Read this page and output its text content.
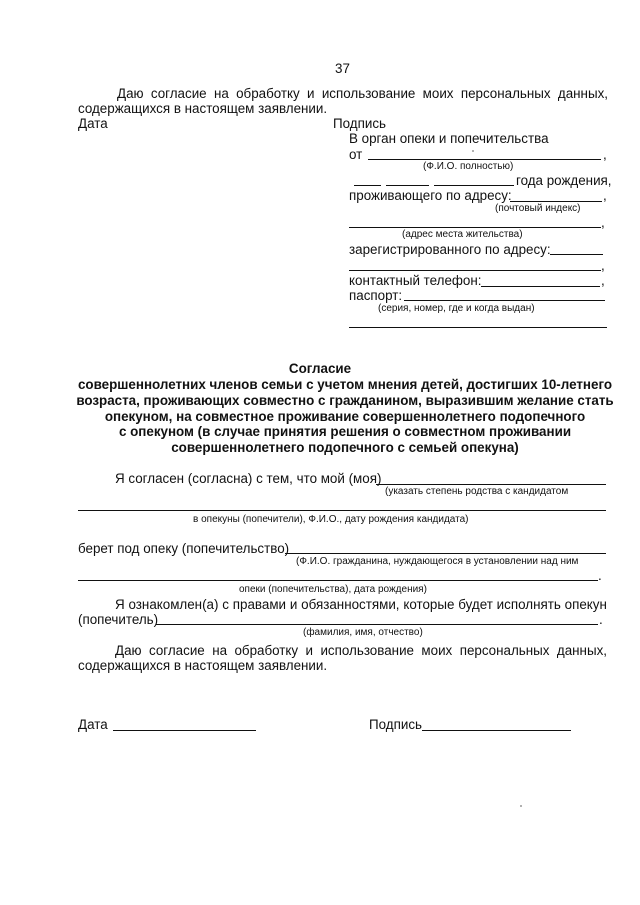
37
Даю согласие на обработку и использование моих персональных данных,
содержащихся в настоящем заявлении.
Дата	Подпись
В орган опеки и попечительства
от	,
(Ф.И.О. полностью)
года рождения,
проживающего по адресу:	,
(почтовый индекс)
,
(адрес места жительства)
зарегистрированного по адресу:
,
контактный телефон:	,
паспорт:
(серия, номер, где и когда выдан)
Согласие
совершеннолетних членов семьи с учетом мнения детей, достигших 10-летнего
возраста, проживающих совместно с гражданином, выразившим желание стать
опекуном, на совместное проживание совершеннолетнего подопечного
с опекуном (в случае принятия решения о совместном проживании
совершеннолетнего подопечного с семьей опекуна)
Я согласен (согласна) с тем, что мой (моя)
(указать степень родства с кандидатом
в опекуны (попечители), Ф.И.О., дату рождения кандидата)
берет под опеку (попечительство)
(Ф.И.О. гражданина, нуждающегося в установлении над ним
.
опеки (попечительства), дата рождения)
Я ознакомлен(а) с правами и обязанностями, которые будет исполнять опекун
(попечитель)	.
(фамилия, имя, отчество)
Даю согласие на обработку и использование моих персональных данных,
содержащихся в настоящем заявлении.
Дата	Подпись
